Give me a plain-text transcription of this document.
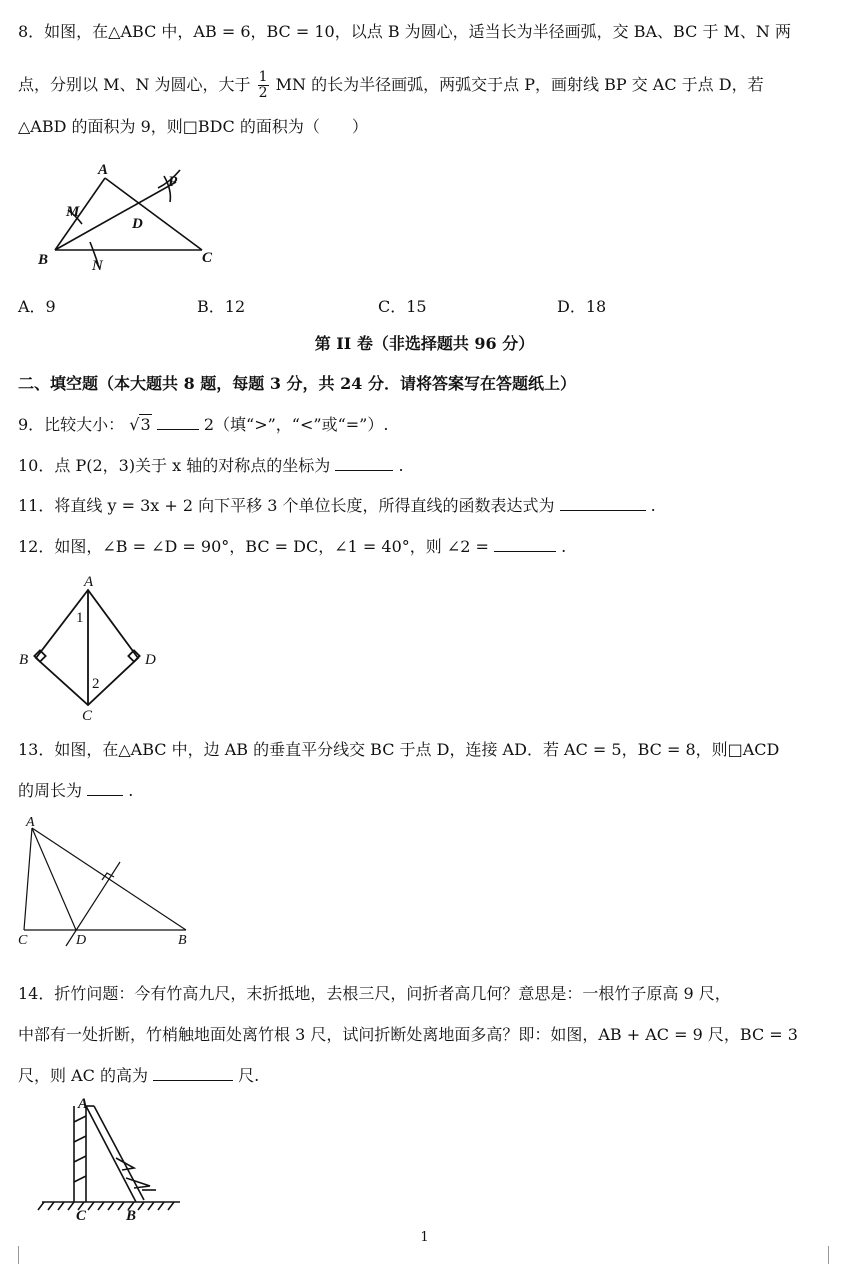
8．如图，在△ABC 中，AB = 6，BC = 10，以点 B 为圆心，适当长为半径画弧，交 BA、BC 于 M、N 两
点，分别以 M、N 为圆心，大于 $\frac{1}{2}$ MN 的长为半径画弧，两弧交于点 P，画射线 BP 交 AC 于点 D，若
△ABD 的面积为 9，则□BDC 的面积为（　　）
A
B	C
D
M
N
P
A．9	B．12	C．15	D．18
第 II 卷（非选择题共 96 分）
二、填空题（本大题共 8 题，每题 3 分，共 24 分．请将答案写在答题纸上）
9．比较大小： √3	2（填“>”，“<”或“=”）.
10．点 P(2，3)关于 x 轴的对称点的坐标为	.
11．将直线 y = 3x + 2 向下平移 3 个单位长度，所得直线的函数表达式为	.
12．如图，∠B = ∠D = 90°，BC = DC，∠1 = 40°，则 ∠2 =	.
A
B
C
D
1
2
13．如图，在△ABC 中，边 AB 的垂直平分线交 BC 于点 D，连接 AD．若 AC = 5，BC = 8，则□ACD
的周长为	.
A
C	D	B
14．折竹问题：今有竹高九尺，末折抵地，去根三尺，问折者高几何？意思是：一根竹子原高 9 尺，
中部有一处折断，竹梢触地面处离竹根 3 尺，试问折断处离地面多高？即：如图，AB + AC = 9 尺，BC = 3
尺，则 AC 的高为	尺.
A
C	B
1
